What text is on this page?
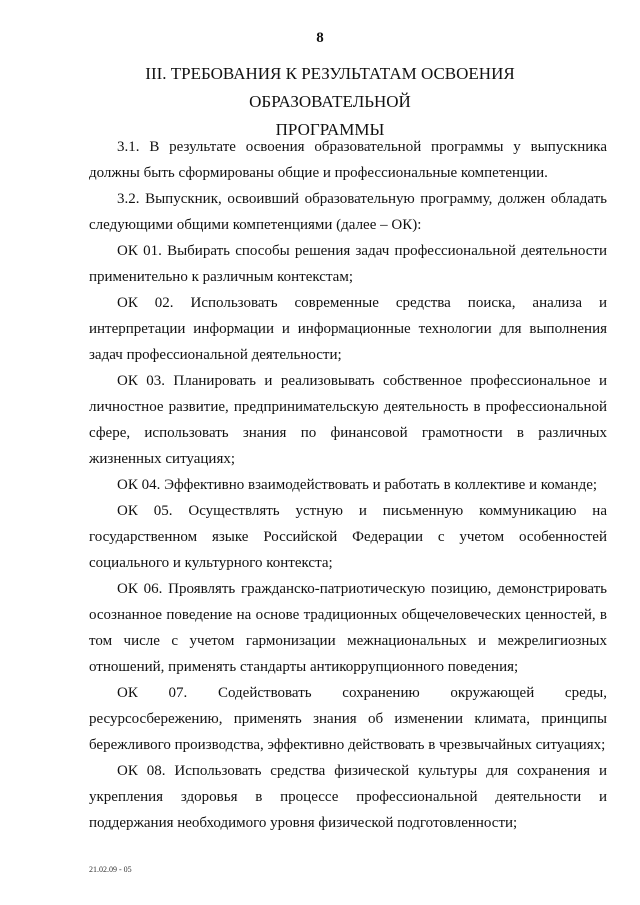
8
III. ТРЕБОВАНИЯ К РЕЗУЛЬТАТАМ ОСВОЕНИЯ ОБРАЗОВАТЕЛЬНОЙ
ПРОГРАММЫ

3.1. В результате освоения образовательной программы у выпускника должны быть сформированы общие и профессиональные компетенции.

3.2. Выпускник, освоивший образовательную программу, должен обладать следующими общими компетенциями (далее – ОК):

ОК 01. Выбирать способы решения задач профессиональной деятельности применительно к различным контекстам;

ОК 02. Использовать современные средства поиска, анализа и интерпретации информации и информационные технологии для выполнения задач профессиональной деятельности;

ОК 03. Планировать и реализовывать собственное профессиональное и личностное развитие, предпринимательскую деятельность в профессиональной сфере, использовать знания по финансовой грамотности в различных жизненных ситуациях;

ОК 04. Эффективно взаимодействовать и работать в коллективе и команде;

ОК 05. Осуществлять устную и письменную коммуникацию на государственном языке Российской Федерации с учетом особенностей социального и культурного контекста;

ОК 06. Проявлять гражданско-патриотическую позицию, демонстрировать осознанное поведение на основе традиционных общечеловеческих ценностей, в том числе с учетом гармонизации межнациональных и межрелигиозных отношений, применять стандарты антикоррупционного поведения;

ОК 07. Содействовать сохранению окружающей среды, ресурсосбережению, применять знания об изменении климата, принципы бережливого производства, эффективно действовать в чрезвычайных ситуациях;

ОК 08. Использовать средства физической культуры для сохранения и укрепления здоровья в процессе профессиональной деятельности и поддержания необходимого уровня физической подготовленности;

21.02.09 - 05
